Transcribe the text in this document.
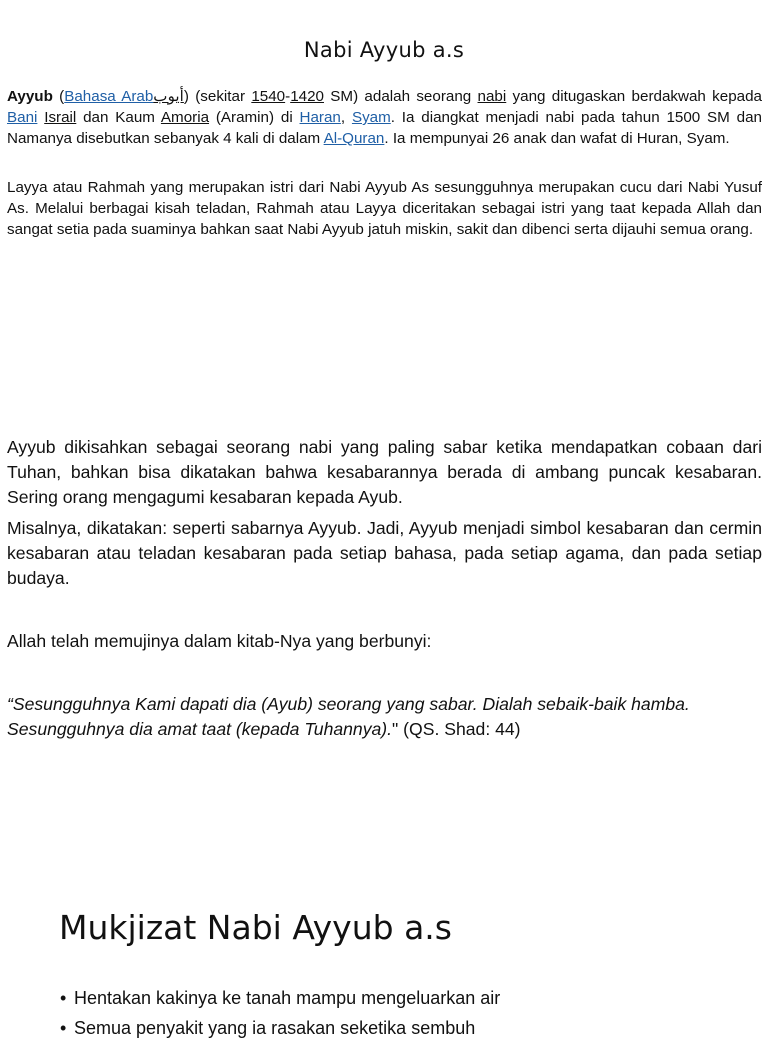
Nabi Ayyub a.s
Ayyub (Bahasa Arabأيوب) (sekitar 1540-1420 SM) adalah seorang nabi yang ditugaskan berdakwah kepada Bani Israil dan Kaum Amoria (Aramin) di Haran, Syam. Ia diangkat menjadi nabi pada tahun 1500 SM dan Namanya disebutkan sebanyak 4 kali di dalam Al-Quran. Ia mempunyai 26 anak dan wafat di Huran, Syam.
Layya atau Rahmah yang merupakan istri dari Nabi Ayyub As sesungguhnya merupakan cucu dari Nabi Yusuf As. Melalui berbagai kisah teladan, Rahmah atau Layya diceritakan sebagai istri yang taat kepada Allah dan sangat setia pada suaminya bahkan saat Nabi Ayyub jatuh miskin, sakit dan dibenci serta dijauhi semua orang.
Ayyub dikisahkan sebagai seorang nabi yang paling sabar ketika mendapatkan cobaan dari Tuhan, bahkan bisa dikatakan bahwa kesabarannya berada di ambang puncak kesabaran. Sering orang mengagumi kesabaran kepada Ayub.
Misalnya, dikatakan: seperti sabarnya Ayyub. Jadi, Ayyub menjadi simbol kesabaran dan cermin kesabaran atau teladan kesabaran pada setiap bahasa, pada setiap agama, dan pada setiap budaya.
Allah telah memujinya dalam kitab-Nya yang berbunyi:
“Sesungguhnya Kami dapati dia (Ayub) seorang yang sabar. Dialah sebaik-baik hamba. Sesungguhnya dia amat taat (kepada Tuhannya)." (QS. Shad: 44)
Mukjizat Nabi Ayyub a.s
• Hentakan kakinya ke tanah mampu mengeluarkan air
• Semua penyakit yang ia rasakan seketika sembuh
